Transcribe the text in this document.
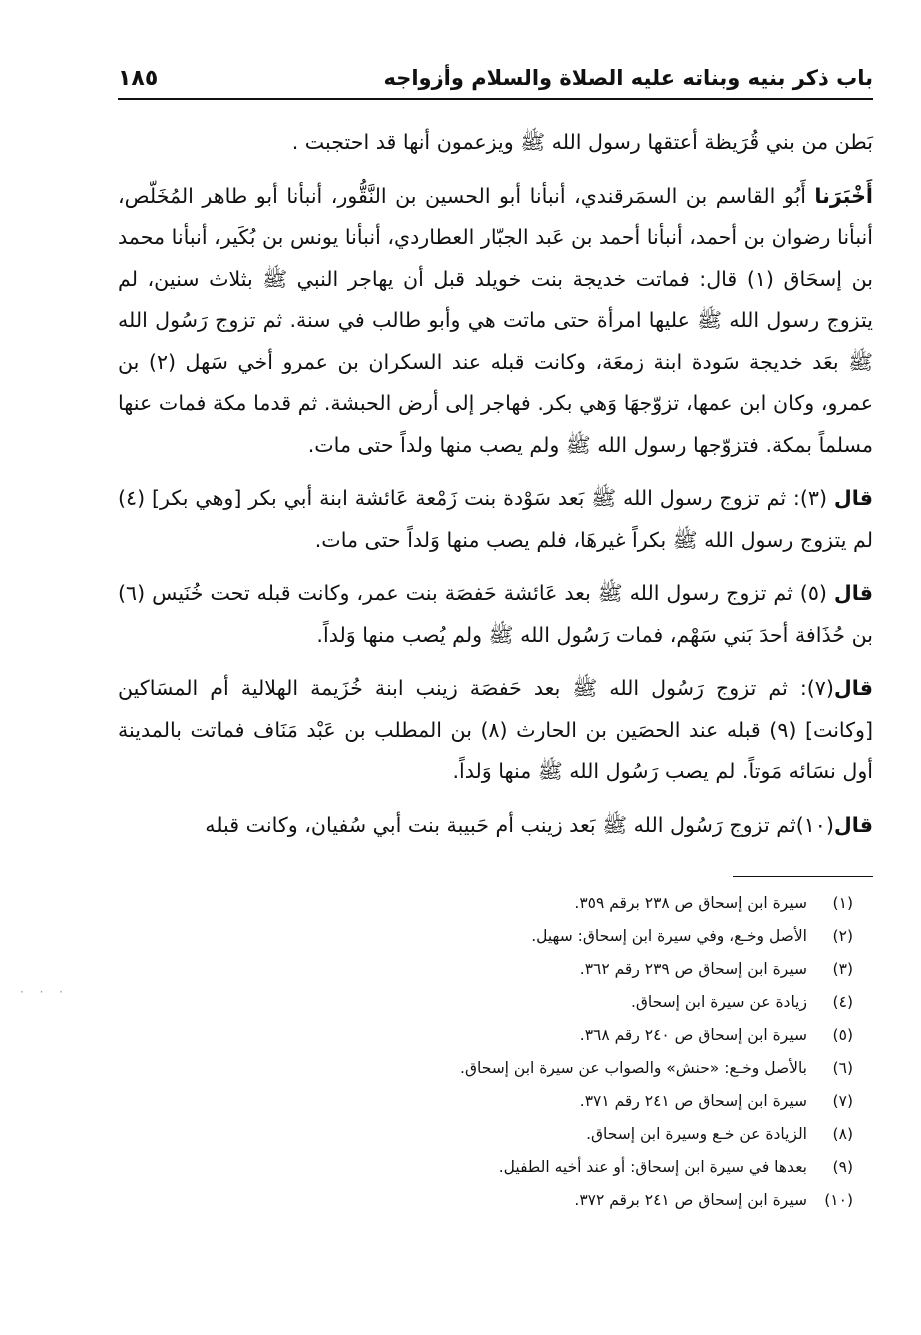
باب ذكر بنيه وبناته عليه الصلاة والسلام وأزواجه
١٨٥

بَطن من بني قُرَيظة أعتقها رسول الله ﷺ ويزعمون أنها قد احتجبت .

أَخْبَرَنا أَبُو القاسم بن السمَرقندي، أنبأنا أبو الحسين بن النَّقُّور، أنبأنا أبو طاهر المُخَلّص، أنبأنا رضوان بن أحمد، أنبأنا أحمد بن عَبد الجبّار العطاردي، أنبأنا يونس بن بُكَير، أنبأنا محمد بن إسحَاق (١) قال: فماتت خديجة بنت خويلد قبل أن يهاجر النبي ﷺ بثلاث سنين، لم يتزوج رسول الله ﷺ عليها امرأة حتى ماتت هي وأبو طالب في سنة. ثم تزوج رَسُول الله ﷺ بعَد خديجة سَودة ابنة زمعَة، وكانت قبله عند السكران بن عمرو أخي سَهل (٢) بن عمرو، وكان ابن عمها، تزوّجهَا وَهي بكر. فهاجر إلى أرض الحبشة. ثم قدما مكة فمات عنها مسلماً بمكة. فتزوّجها رسول الله ﷺ ولم يصب منها ولداً حتى مات.

قال (٣): ثم تزوج رسول الله ﷺ بَعد سَوْدة بنت زَمْعة عَائشة ابنة أبي بكر [وهي بكر] (٤) لم يتزوج رسول الله ﷺ بكراً غيرهَا، فلم يصب منها وَلداً حتى مات.

قال (٥) ثم تزوج رسول الله ﷺ بعد عَائشة حَفصَة بنت عمر، وكانت قبله تحت خُنَيس (٦) بن حُذَافة أحدَ بَني سَهْم، فمات رَسُول الله ﷺ ولم يُصب منها وَلداً.

قال(٧): ثم تزوج رَسُول الله ﷺ بعد حَفصَة زينب ابنة خُزَيمة الهلالية أم المسَاكين [وكانت] (٩) قبله عند الحصَين بن الحارث (٨) بن المطلب بن عَبْد مَنَاف فماتت بالمدينة أول نسَائه مَوتاً. لم يصب رَسُول الله ﷺ منها وَلداً.

قال(١٠)ثم تزوج رَسُول الله ﷺ بَعد زينب أم حَبيبة بنت أبي سُفيان، وكانت قبله

(١)
سيرة ابن إسحاق ص ٢٣٨ برقم ٣٥٩.
(٢)
الأصل وخـع، وفي سيرة ابن إسحاق: سهيل.
(٣)
سيرة ابن إسحاق ص ٢٣٩ رقم ٣٦٢.
(٤)
زيادة عن سيرة ابن إسحاق.
(٥)
سيرة ابن إسحاق ص ٢٤٠ رقم ٣٦٨.
(٦)
بالأصل وخـع: «حنش» والصواب عن سيرة ابن إسحاق.
(٧)
سيرة ابن إسحاق ص ٢٤١ رقم ٣٧١.
(٨)
الزيادة عن خـع وسيرة ابن إسحاق.
(٩)
بعدها في سيرة ابن إسحاق: أو عند أخيه الطفيل.
(١٠)
سيرة ابن إسحاق ص ٢٤١ برقم ٣٧٢.
· · ·
